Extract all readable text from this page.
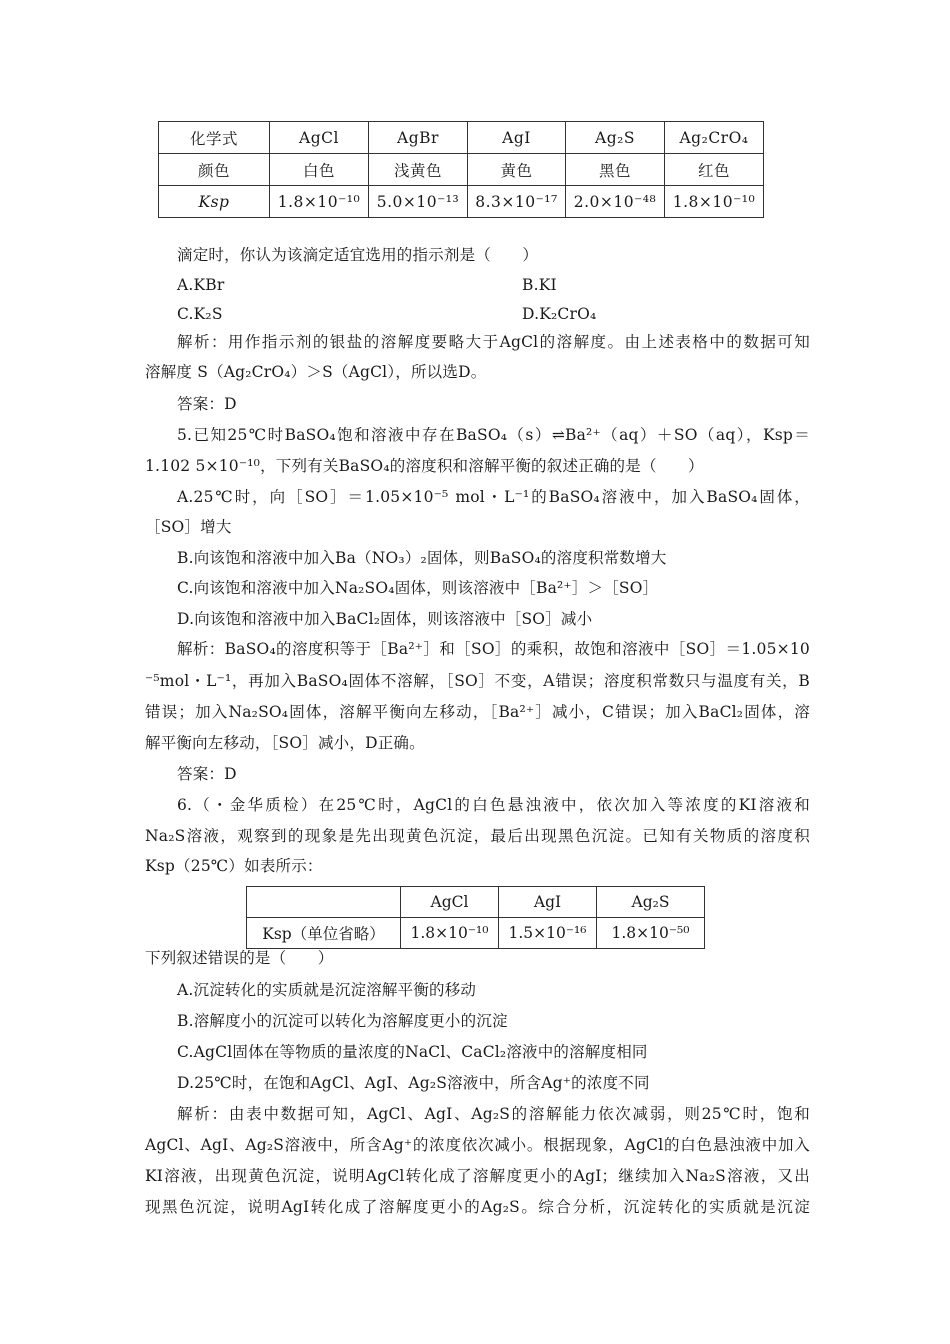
化学式	AgCl	AgBr	AgI	Ag₂S	Ag₂CrO₄
颜色	白色	浅黄色	黄色	黑色	红色
Ksp	1.8×10⁻¹⁰	5.0×10⁻¹³	8.3×10⁻¹⁷	2.0×10⁻⁴⁸	1.8×10⁻¹⁰
滴定时，你认为该滴定适宜选用的指示剂是（　　）
A.KBr	B.KI
C.K₂S	D.K₂CrO₄
解析：用作指示剂的银盐的溶解度要略大于AgCl的溶解度。由上述表格中的数据可知
溶解度 S（Ag₂CrO₄）＞S（AgCl），所以选D。
答案：D
5.已知25℃时BaSO₄饱和溶液中存在BaSO₄（s）⇌Ba²⁺（aq）＋SO（aq），Ksp＝
1.102 5×10⁻¹⁰，下列有关BaSO₄的溶度积和溶解平衡的叙述正确的是（　　）
A.25℃时，向［SO］＝1.05×10⁻⁵ mol・L⁻¹的BaSO₄溶液中，加入BaSO₄固体，
［SO］增大
B.向该饱和溶液中加入Ba（NO₃）₂固体，则BaSO₄的溶度积常数增大
C.向该饱和溶液中加入Na₂SO₄固体，则该溶液中［Ba²⁺］＞［SO］
D.向该饱和溶液中加入BaCl₂固体，则该溶液中［SO］减小
解析：BaSO₄的溶度积等于［Ba²⁺］和［SO］的乘积，故饱和溶液中［SO］＝1.05×10
⁻⁵mol・L⁻¹，再加入BaSO₄固体不溶解，［SO］不变，A错误；溶度积常数只与温度有关，B
错误；加入Na₂SO₄固体，溶解平衡向左移动，［Ba²⁺］减小，C错误；加入BaCl₂固体，溶
解平衡向左移动，［SO］减小，D正确。
答案：D
6.（・金华质检）在25℃时，AgCl的白色悬浊液中，依次加入等浓度的KI溶液和
Na₂S溶液，观察到的现象是先出现黄色沉淀，最后出现黑色沉淀。已知有关物质的溶度积
Ksp（25℃）如表所示：
	AgCl	AgI	Ag₂S
Ksp（单位省略）	1.8×10⁻¹⁰	1.5×10⁻¹⁶	1.8×10⁻⁵⁰
下列叙述错误的是（　　）
A.沉淀转化的实质就是沉淀溶解平衡的移动
B.溶解度小的沉淀可以转化为溶解度更小的沉淀
C.AgCl固体在等物质的量浓度的NaCl、CaCl₂溶液中的溶解度相同
D.25℃时，在饱和AgCl、AgI、Ag₂S溶液中，所含Ag⁺的浓度不同
解析：由表中数据可知，AgCl、AgI、Ag₂S的溶解能力依次减弱，则25℃时，饱和
AgCl、AgI、Ag₂S溶液中，所含Ag⁺的浓度依次减小。根据现象，AgCl的白色悬浊液中加入
KI溶液，出现黄色沉淀，说明AgCl转化成了溶解度更小的AgI；继续加入Na₂S溶液，又出
现黑色沉淀，说明AgI转化成了溶解度更小的Ag₂S。综合分析，沉淀转化的实质就是沉淀
